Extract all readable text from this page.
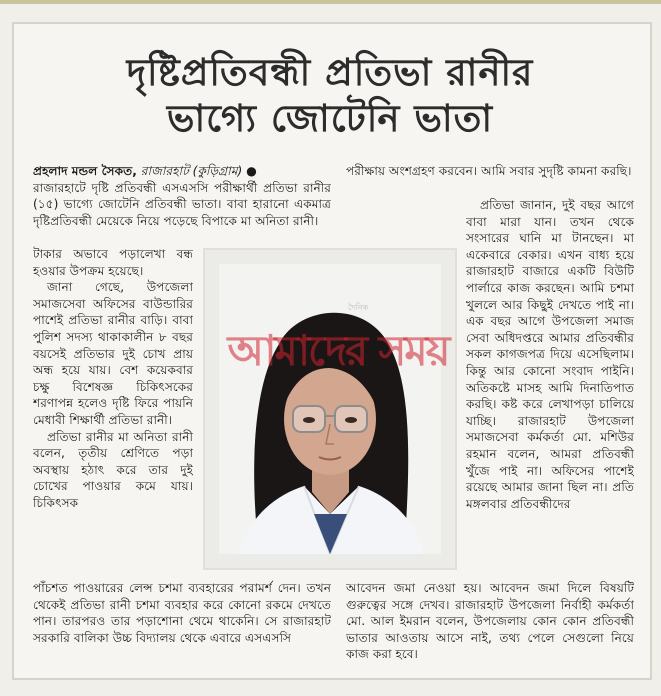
দৃষ্টিপ্রতিবন্ধী প্রতিভা রানীর
ভাগ্যে জোটেনি ভাতা

প্রহলাদ মন্ডল সৈকত, রাজারহাট (কুড়িগ্রাম) ●

রাজারহাটে দৃষ্টি প্রতিবন্ধী এসএসসি পরীক্ষার্থী প্রতিভা রানীর (১৫) ভাগ্যে জোটেনি প্রতিবন্ধী ভাতা। বাবা হারানো একমাত্র দৃষ্টিপ্রতিবন্ধী মেয়েকে নিয়ে পড়েছে বিপাকে মা অনিতা রানী।

টাকার অভাবে পড়ালেখা বন্ধ হওয়ার উপক্রম হয়েছে।

জানা গেছে, উপজেলা সমাজসেবা অফিসের বাউন্ডারির পাশেই প্রতিভা রানীর বাড়ি। বাবা পুলিশ সদস্য থাকাকালীন ৮ বছর বয়সেই প্রতিভার দুই চোখ প্রায় অন্ধ হয়ে যায়। বেশ কয়েকবার চক্ষু বিশেষজ্ঞ চিকিৎসকের শরণাপন্ন হলেও দৃষ্টি ফিরে পায়নি মেধাবী শিক্ষার্থী প্রতিভা রানী।

প্রতিভা রানীর মা অনিতা রানী বলেন, তৃতীয় শ্রেণিতে পড়া অবস্থায় হঠাৎ করে তার দুই চোখের পাওয়ার কমে যায়। চিকিৎসক

দৈনিক
আমাদের সময়

পরীক্ষায় অংশগ্রহণ করবেন। আমি সবার সুদৃষ্টি কামনা করছি।

প্রতিভা জানান, দুই বছর আগে বাবা মারা যান। তখন থেকে সংসারের ঘানি মা টানছেন। মা একেবারে বেকার। এখন বাধ্য হয়ে রাজারহাট বাজারে একটি বিউটি পার্লারে কাজ করছেন। আমি চশমা খুললে আর কিছুই দেখতে পাই না। এক বছর আগে উপজেলা সমাজ সেবা অধিদপ্তরে আমার প্রতিবন্ধীর সকল কাগজপত্র দিয়ে এসেছিলাম। কিন্তু আর কোনো সংবাদ পাইনি। অতিকষ্টে মাসহ আমি দিনাতিপাত করছি। কষ্ট করে লেখাপড়া চালিয়ে যাচ্ছি। রাজারহাট উপজেলা সমাজসেবা কর্মকর্তা মো. মশিউর রহমান বলেন, আমরা প্রতিবন্ধী খুঁজে পাই না। অফিসের পাশেই রয়েছে আমার জানা ছিল না। প্রতি মঙ্গলবার প্রতিবন্ধীদের

পাঁচশত পাওয়ারের লেন্স চশমা ব্যবহারের পরামর্শ দেন। তখন থেকেই প্রতিভা রানী চশমা ব্যবহার করে কোনো রকমে দেখতে পান। তারপরও তার পড়াশোনা থেমে থাকেনি। সে রাজারহাট সরকারি বালিকা উচ্চ বিদ্যালয় থেকে এবারে এসএসসি

আবেদন জমা নেওয়া হয়। আবেদন জমা দিলে বিষয়টি গুরুত্বের সঙ্গে দেখব। রাজারহাট উপজেলা নির্বাহী কর্মকর্তা মো. আল ইমরান বলেন, উপজেলায় কোন কোন প্রতিবন্ধী ভাতার আওতায় আসে নাই, তথ্য পেলে সেগুলো নিয়ে কাজ করা হবে।
